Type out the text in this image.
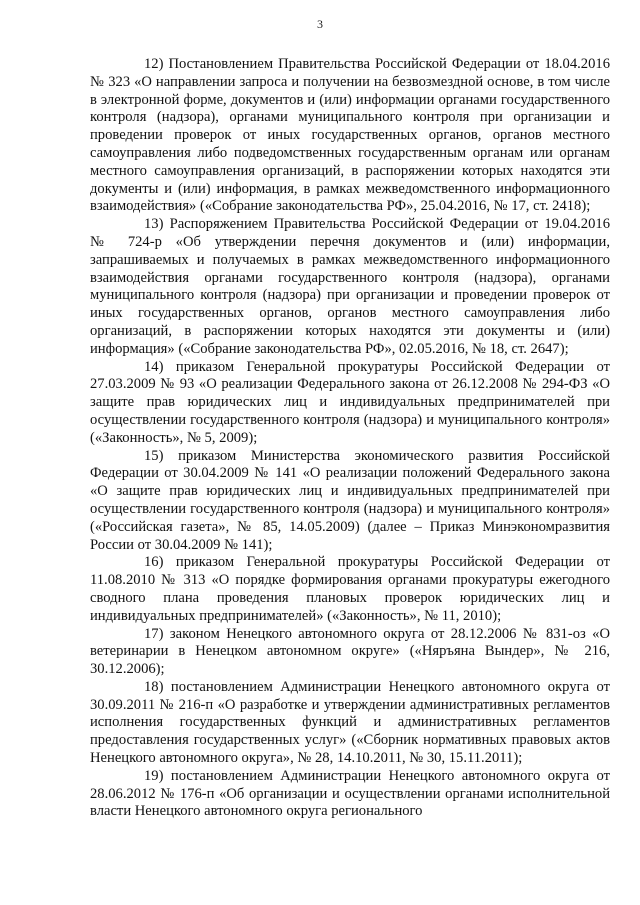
3

12) Постановлением Правительства Российской Федерации от 18.04.2016 № 323 «О направлении запроса и получении на безвозмездной основе, в том числе в электронной форме, документов и (или) информации органами государственного контроля (надзора), органами муниципального контроля при организации и проведении проверок от иных государственных органов, органов местного самоуправления либо подведомственных государственным органам или органам местного самоуправления организаций, в распоряжении которых находятся эти документы и (или) информация, в рамках межведомственного информационного взаимодействия» («Собрание законодательства РФ», 25.04.2016, № 17, ст. 2418);

13) Распоряжением Правительства Российской Федерации от 19.04.2016 № 724-р «Об утверждении перечня документов и (или) информации, запрашиваемых и получаемых в рамках межведомственного информационного взаимодействия органами государственного контроля (надзора), органами муниципального контроля (надзора) при организации и проведении проверок от иных государственных органов, органов местного самоуправления либо организаций, в распоряжении которых находятся эти документы и (или) информация» («Собрание законодательства РФ», 02.05.2016, № 18, ст. 2647);

14) приказом Генеральной прокуратуры Российской Федерации от 27.03.2009 № 93 «О реализации Федерального закона от 26.12.2008 № 294-ФЗ «О защите прав юридических лиц и индивидуальных предпринимателей при осуществлении государственного контроля (надзора) и муниципального контроля» («Законность», № 5, 2009);

15) приказом Министерства экономического развития Российской Федерации от 30.04.2009 № 141 «О реализации положений Федерального закона «О защите прав юридических лиц и индивидуальных предпринимателей при осуществлении государственного контроля (надзора) и муниципального контроля» («Российская газета», № 85, 14.05.2009) (далее – Приказ Минэкономразвития России от 30.04.2009 № 141);

16) приказом Генеральной прокуратуры Российской Федерации от 11.08.2010 № 313 «О порядке формирования органами прокуратуры ежегодного сводного плана проведения плановых проверок юридических лиц и индивидуальных предпринимателей» («Законность», № 11, 2010);

17) законом Ненецкого автономного округа от 28.12.2006 № 831-оз «О ветеринарии в Ненецком автономном округе» («Няръяна Вындер», № 216, 30.12.2006);

18) постановлением Администрации Ненецкого автономного округа от 30.09.2011 № 216-п «О разработке и утверждении административных регламентов исполнения государственных функций и административных регламентов предоставления государственных услуг» («Сборник нормативных правовых актов Ненецкого автономного округа», № 28, 14.10.2011, № 30, 15.11.2011);

19) постановлением Администрации Ненецкого автономного округа от 28.06.2012 № 176-п «Об организации и осуществлении органами исполнительной власти Ненецкого автономного округа регионального
